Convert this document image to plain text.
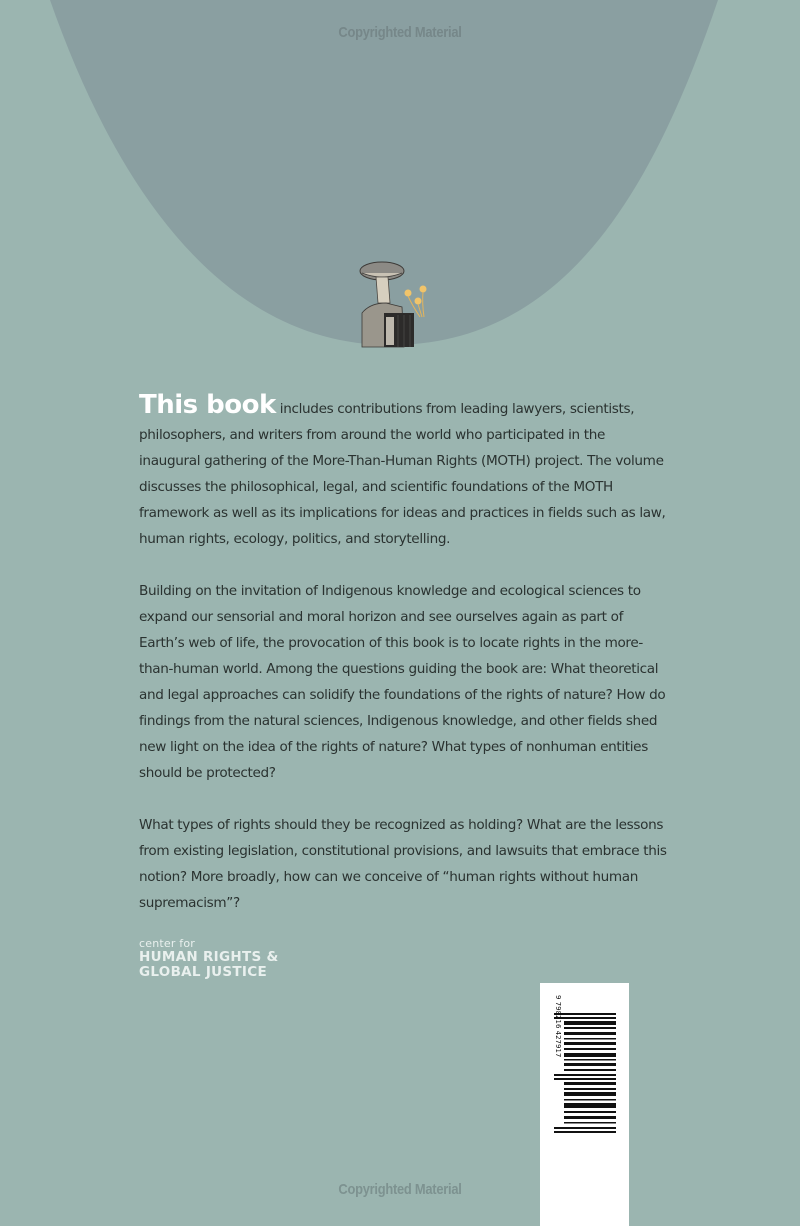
Copyrighted Material

This book includes contributions from leading lawyers, scientists, philosophers, and writers from around the world who participated in the inaugural gathering of the More-Than-Human Rights (MOTH) project. The volume discusses the philosophical, legal, and scientific foundations of the MOTH framework as well as its implications for ideas and practices in fields such as law, human rights, ecology, politics, and storytelling.

Building on the invitation of Indigenous knowledge and ecological sciences to expand our sensorial and moral horizon and see ourselves again as part of Earth’s web of life, the provocation of this book is to locate rights in the more-than-human world. Among the questions guiding the book are: What theoretical and legal approaches can solidify the foundations of the rights of nature? How do findings from the natural sciences, Indigenous knowledge, and other fields shed new light on the idea of the rights of nature? What types of nonhuman entities should be protected?

What types of rights should they be recognized as holding? What are the lessons from existing legislation, constitutional provisions, and lawsuits that embrace this notion? More broadly, how can we conceive of “human rights without human supremacism”?

center for
HUMAN RIGHTS &
GLOBAL JUSTICE
9 798216 427917
Copyrighted Material
